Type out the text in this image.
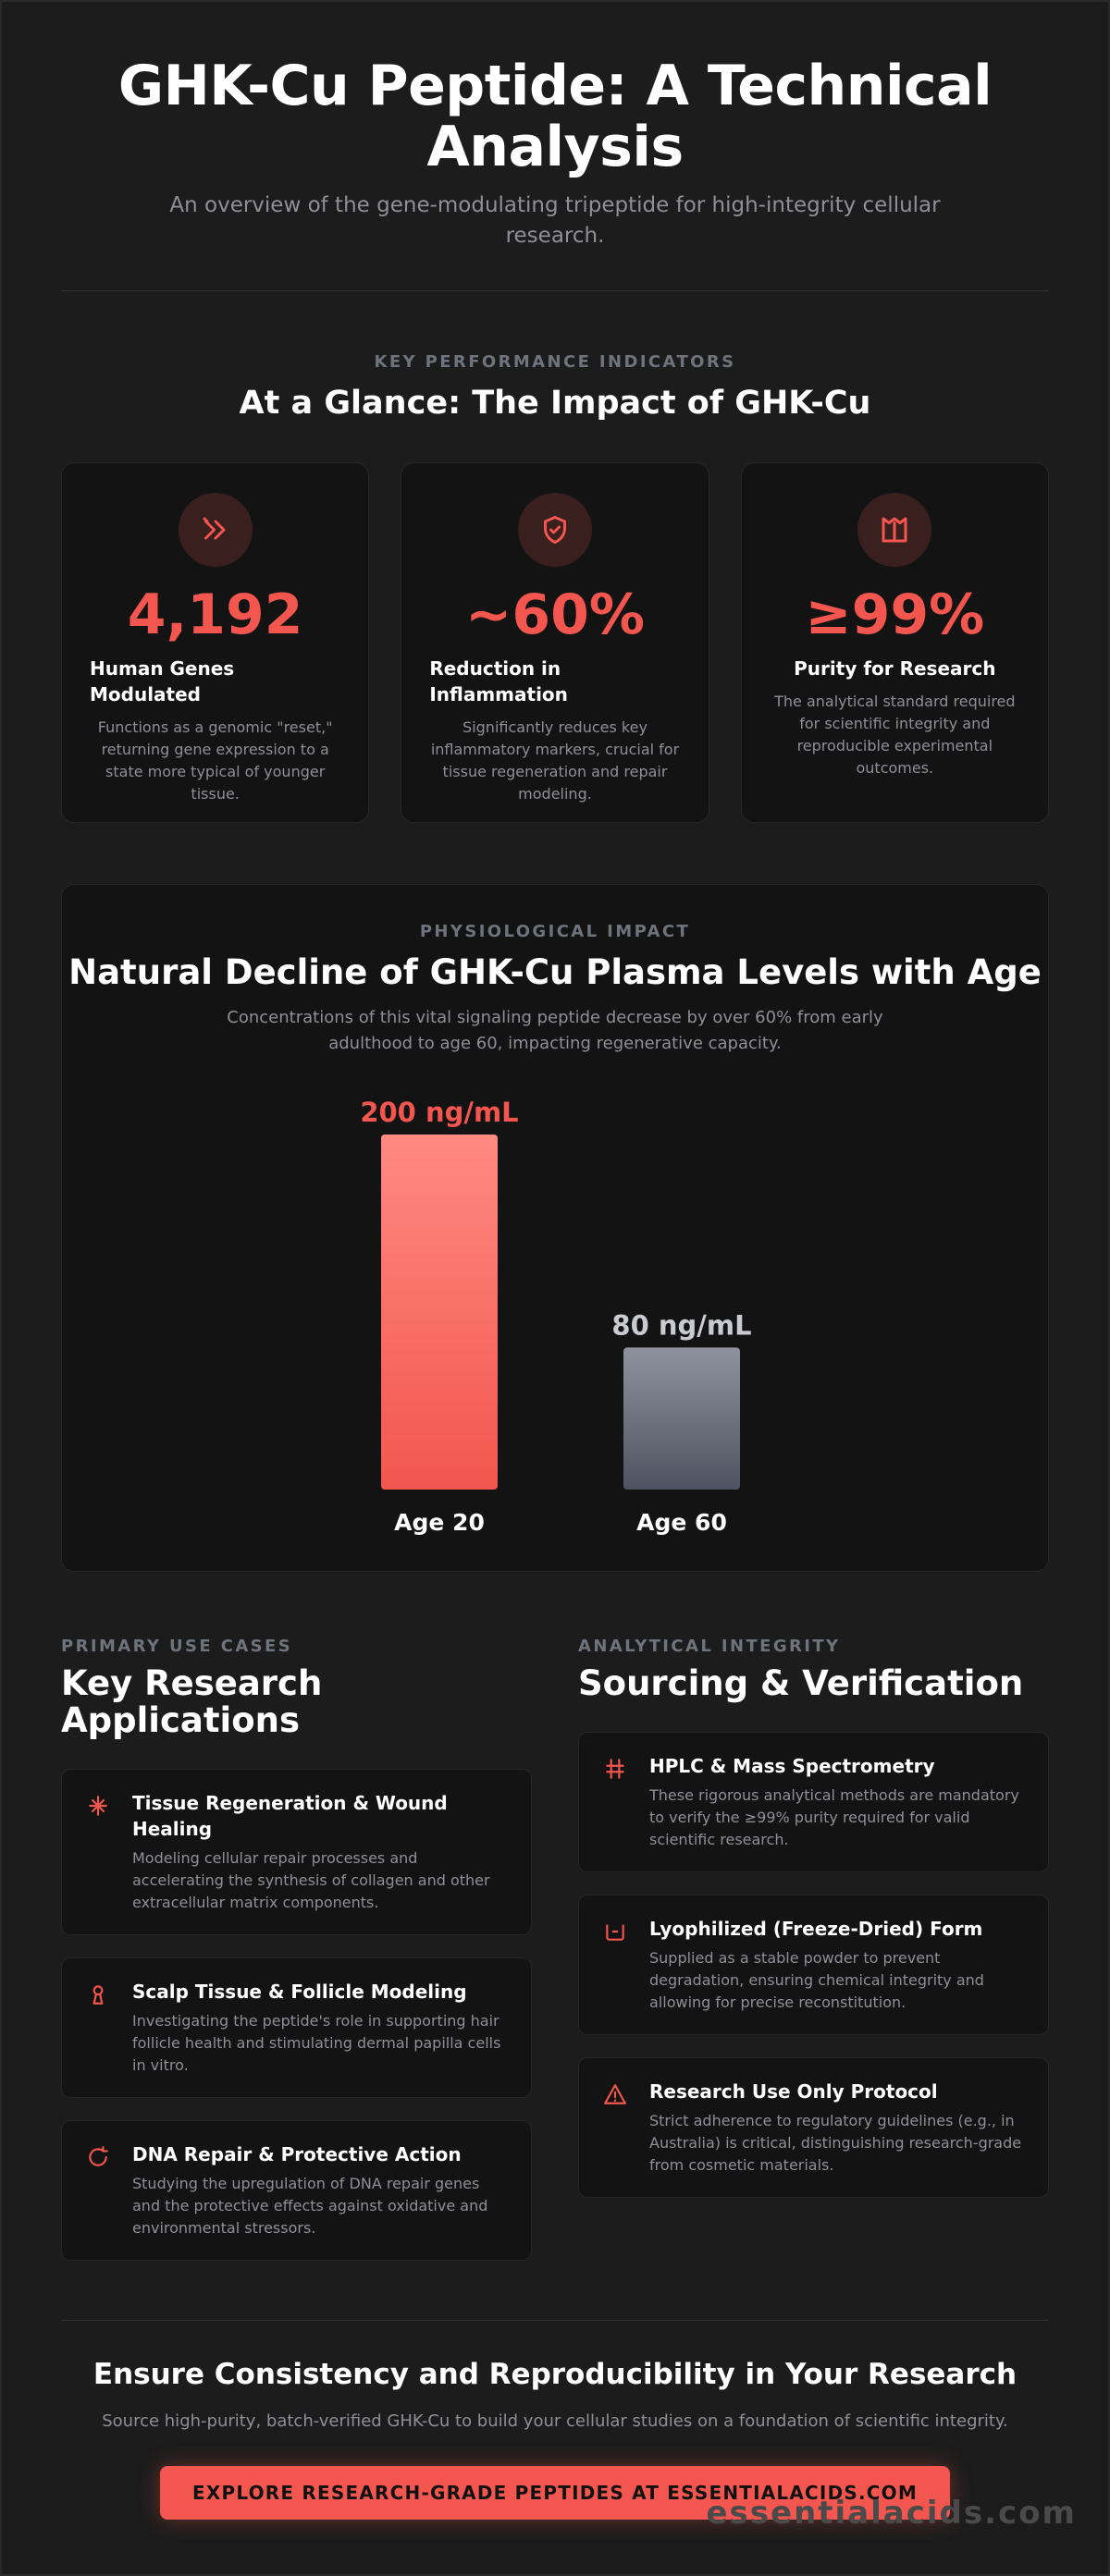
GHK-Cu Peptide: A Technical Analysis

An overview of the gene-modulating tripeptide for high-integrity cellular research.

KEY PERFORMANCE INDICATORS
At a Glance: The Impact of GHK-Cu
4,192
Human Genes Modulated
Functions as a genomic "reset," returning gene expression to a state more typical of younger tissue.
~60%
Reduction in Inflammation
Significantly reduces key inflammatory markers, crucial for tissue regeneration and repair modeling.
≥99%
Purity for Research
The analytical standard required for scientific integrity and reproducible experimental outcomes.
PHYSIOLOGICAL IMPACT
Natural Decline of GHK-Cu Plasma Levels with Age

Concentrations of this vital signaling peptide decrease by over 60% from early adulthood to age 60, impacting regenerative capacity.

200 ng/mL
Age 20
80 ng/mL
Age 60
PRIMARY USE CASES
Key Research Applications
Tissue Regeneration & Wound Healing
Modeling cellular repair processes and accelerating the synthesis of collagen and other extracellular matrix components.
Scalp Tissue & Follicle Modeling
Investigating the peptide's role in supporting hair follicle health and stimulating dermal papilla cells in vitro.
DNA Repair & Protective Action
Studying the upregulation of DNA repair genes and the protective effects against oxidative and environmental stressors.
ANALYTICAL INTEGRITY
Sourcing & Verification
HPLC & Mass Spectrometry
These rigorous analytical methods are mandatory to verify the ≥99% purity required for valid scientific research.
Lyophilized (Freeze-Dried) Form
Supplied as a stable powder to prevent degradation, ensuring chemical integrity and allowing for precise reconstitution.
Research Use Only Protocol
Strict adherence to regulatory guidelines (e.g., in Australia) is critical, distinguishing research-grade from cosmetic materials.
Ensure Consistency and Reproducibility in Your Research

Source high-purity, batch-verified GHK-Cu to build your cellular studies on a foundation of scientific integrity.

EXPLORE RESEARCH-GRADE PEPTIDES AT ESSENTIALACIDS.COM
essentialacids.com
